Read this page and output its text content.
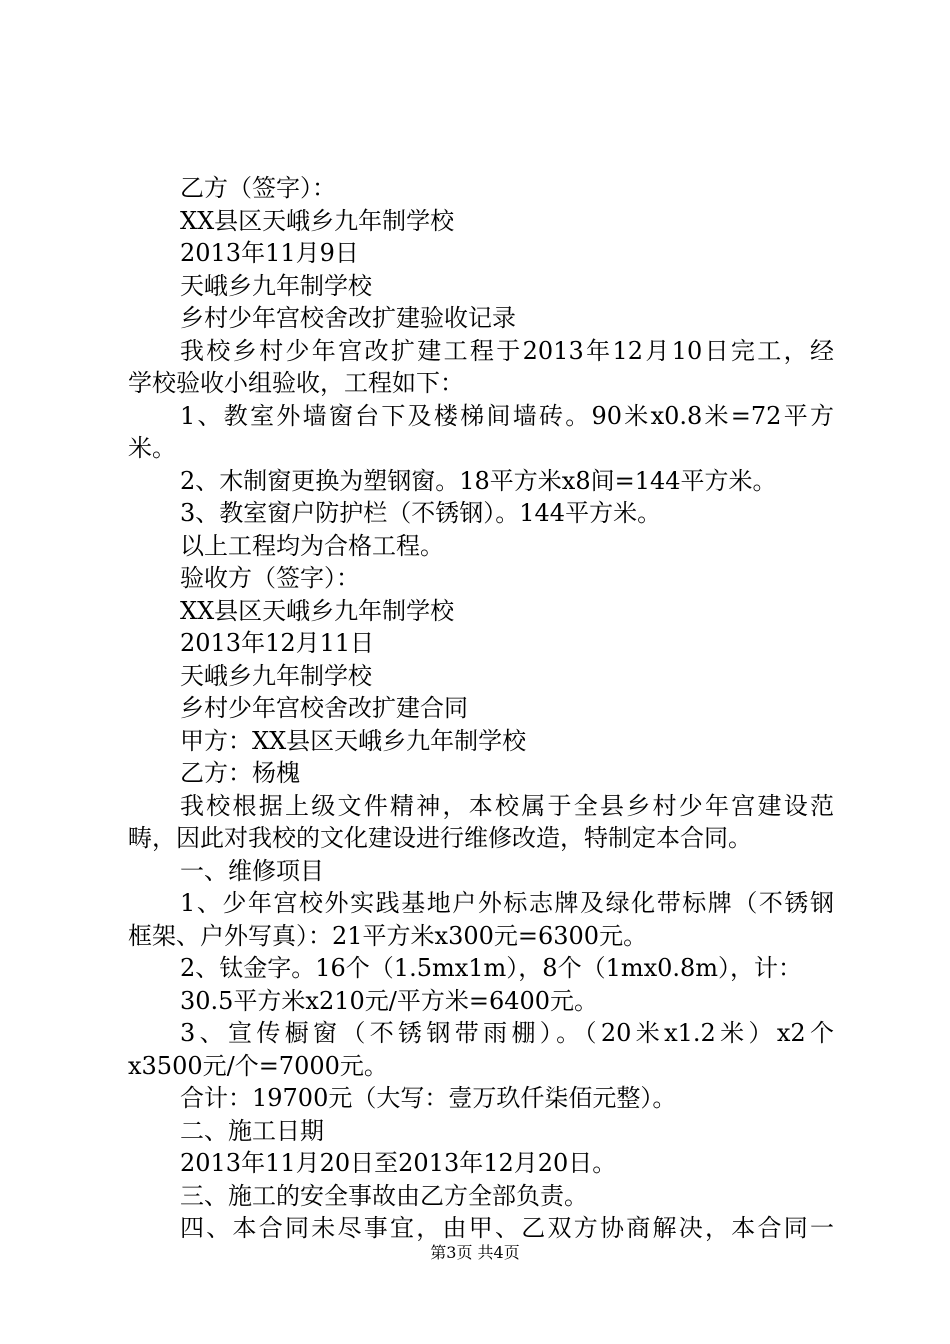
乙方（签字）：
XX县区天峨乡九年制学校
2013年11月9日
天峨乡九年制学校
乡村少年宫校舍改扩建验收记录
我校乡村少年宫改扩建工程于2013年12月10日完工，经
学校验收小组验收，工程如下：
1、教室外墙窗台下及楼梯间墙砖。90米x0.8米=72平方
米。
2、木制窗更换为塑钢窗。18平方米x8间=144平方米。
3、教室窗户防护栏（不锈钢）。144平方米。
以上工程均为合格工程。
验收方（签字）：
XX县区天峨乡九年制学校
2013年12月11日
天峨乡九年制学校
乡村少年宫校舍改扩建合同
甲方：XX县区天峨乡九年制学校
乙方：杨槐
我校根据上级文件精神，本校属于全县乡村少年宫建设范
畴，因此对我校的文化建设进行维修改造，特制定本合同。
一、维修项目
1、少年宫校外实践基地户外标志牌及绿化带标牌（不锈钢
框架、户外写真）：21平方米x300元=6300元。
2、钛金字。16个（1.5mx1m），8个（1mx0.8m），计：
30.5平方米x210元/平方米=6400元。
3、宣传橱窗（不锈钢带雨棚）。（20米x1.2米）x2个
x3500元/个=7000元。
合计：19700元（大写：壹万玖仟柒佰元整）。
二、施工日期
2013年11月20日至2013年12月20日。
三、施工的安全事故由乙方全部负责。
四、本合同未尽事宜，由甲、乙双方协商解决，本合同一
第3页 共4页
